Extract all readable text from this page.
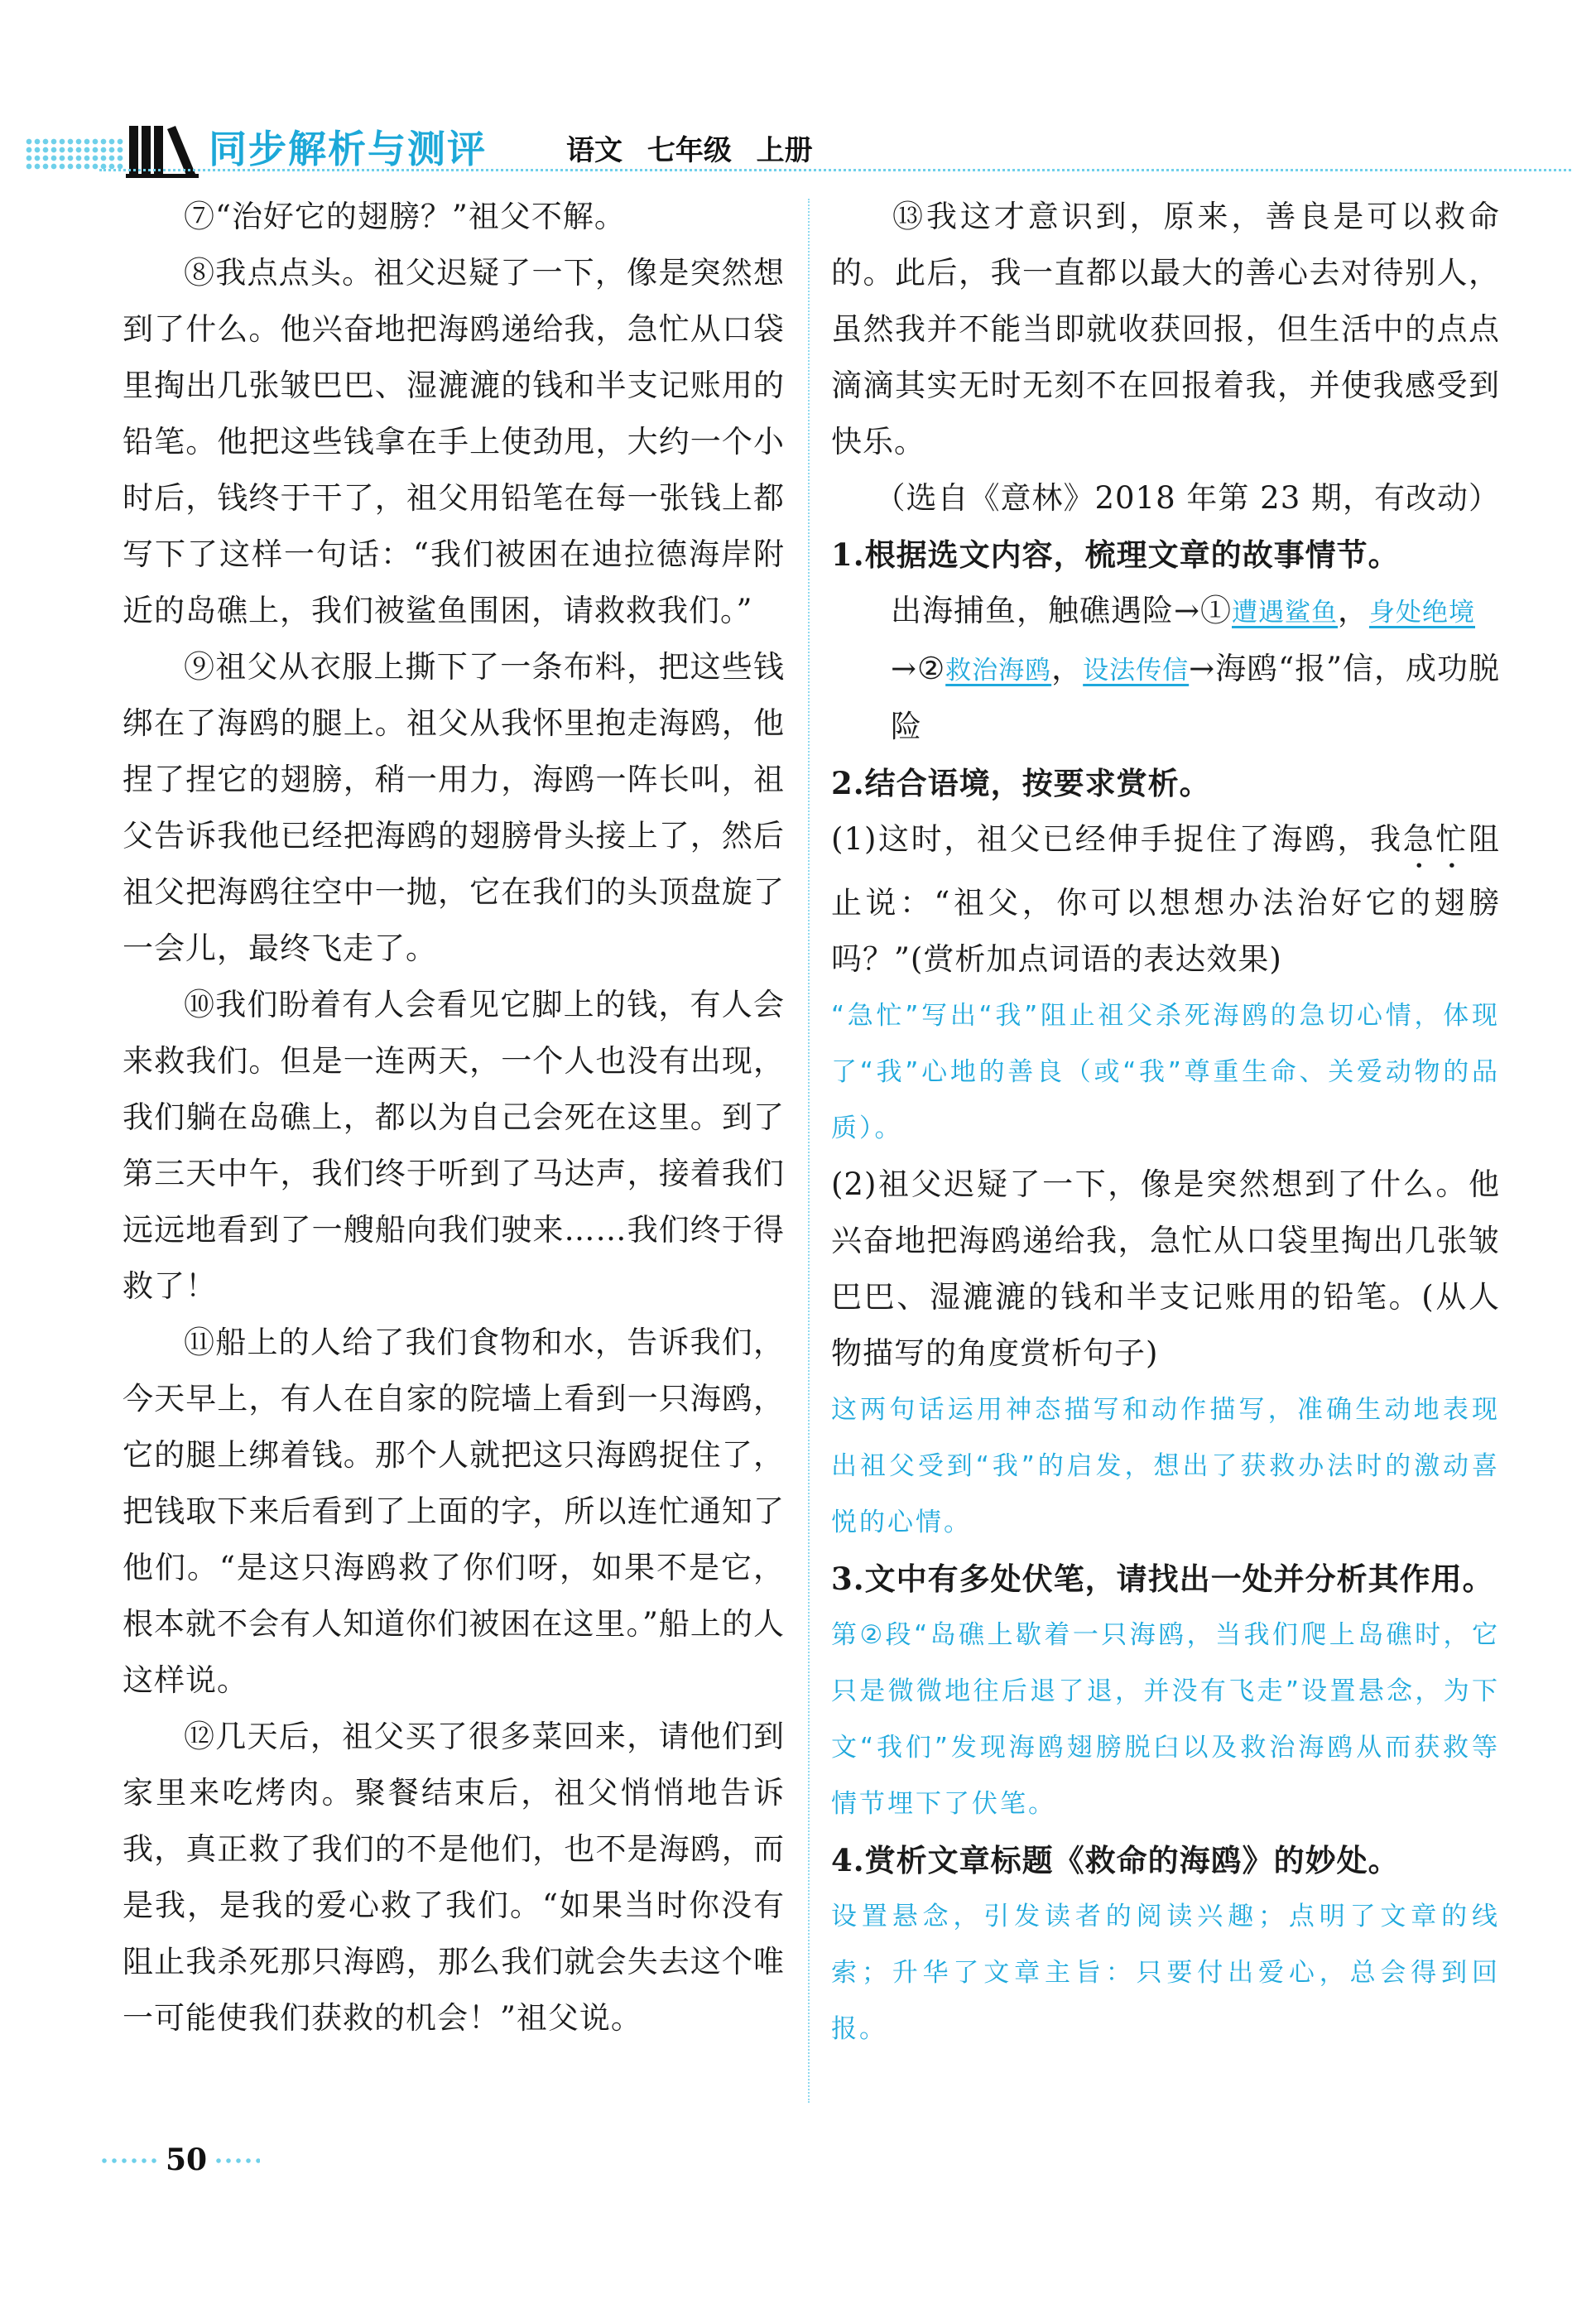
同步解析与测评	语文 七年级 上册

⑦“治好它的翅膀？”祖父不解。

⑧我点点头。祖父迟疑了一下，像是突然想到了什么。他兴奋地把海鸥递给我，急忙从口袋里掏出几张皱巴巴、湿漉漉的钱和半支记账用的铅笔。他把这些钱拿在手上使劲甩，大约一个小时后，钱终于干了，祖父用铅笔在每一张钱上都写下了这样一句话：“我们被困在迪拉德海岸附近的岛礁上，我们被鲨鱼围困，请救救我们。”

⑨祖父从衣服上撕下了一条布料，把这些钱绑在了海鸥的腿上。祖父从我怀里抱走海鸥，他捏了捏它的翅膀，稍一用力，海鸥一阵长叫，祖父告诉我他已经把海鸥的翅膀骨头接上了，然后祖父把海鸥往空中一抛，它在我们的头顶盘旋了一会儿，最终飞走了。

⑩我们盼着有人会看见它脚上的钱，有人会来救我们。但是一连两天，一个人也没有出现，我们躺在岛礁上，都以为自己会死在这里。到了第三天中午，我们终于听到了马达声，接着我们远远地看到了一艘船向我们驶来……我们终于得救了！

⑪船上的人给了我们食物和水，告诉我们，今天早上，有人在自家的院墙上看到一只海鸥，它的腿上绑着钱。那个人就把这只海鸥捉住了，把钱取下来后看到了上面的字，所以连忙通知了他们。“是这只海鸥救了你们呀，如果不是它，根本就不会有人知道你们被困在这里。”船上的人这样说。

⑫几天后，祖父买了很多菜回来，请他们到家里来吃烤肉。聚餐结束后，祖父悄悄地告诉我，真正救了我们的不是他们，也不是海鸥，而是我，是我的爱心救了我们。“如果当时你没有阻止我杀死那只海鸥，那么我们就会失去这个唯一可能使我们获救的机会！”祖父说。

⑬我这才意识到，原来，善良是可以救命的。此后，我一直都以最大的善心去对待别人，虽然我并不能当即就收获回报，但生活中的点点滴滴其实无时无刻不在回报着我，并使我感受到快乐。

（选自《意林》2018 年第 23 期，有改动）

1.根据选文内容，梳理文章的故事情节。

出海捕鱼，触礁遇险→①遭遇鲨鱼，身处绝境→②救治海鸥，设法传信→海鸥“报”信，成功脱险

2.结合语境，按要求赏析。

(1)这时，祖父已经伸手捉住了海鸥，我急忙阻止说：“祖父，你可以想想办法治好它的翅膀吗？”(赏析加点词语的表达效果)

“急忙”写出“我”阻止祖父杀死海鸥的急切心情，体现了“我”心地的善良（或“我”尊重生命、关爱动物的品质）。

(2)祖父迟疑了一下，像是突然想到了什么。他兴奋地把海鸥递给我，急忙从口袋里掏出几张皱巴巴、湿漉漉的钱和半支记账用的铅笔。(从人物描写的角度赏析句子)

这两句话运用神态描写和动作描写，准确生动地表现出祖父受到“我”的启发，想出了获救办法时的激动喜悦的心情。

3.文中有多处伏笔，请找出一处并分析其作用。

第②段“岛礁上歇着一只海鸥，当我们爬上岛礁时，它只是微微地往后退了退，并没有飞走”设置悬念，为下文“我们”发现海鸥翅膀脱臼以及救治海鸥从而获救等情节埋下了伏笔。

4.赏析文章标题《救命的海鸥》的妙处。

设置悬念，引发读者的阅读兴趣；点明了文章的线索；升华了文章主旨：只要付出爱心，总会得到回报。

50
